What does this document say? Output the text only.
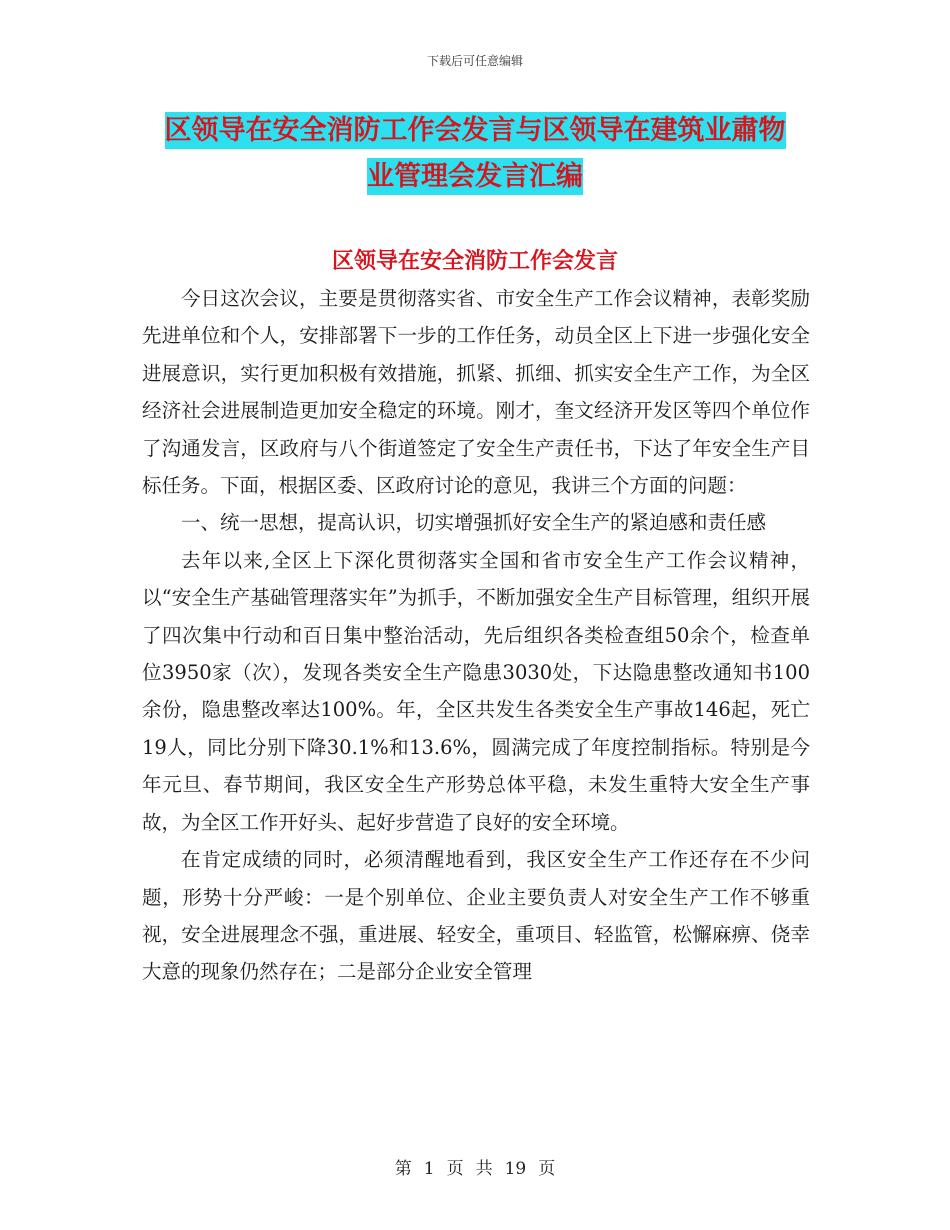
下载后可任意编辑
区领导在安全消防工作会发言与区领导在建筑业肅物
业管理会发言汇编
区领导在安全消防工作会发言

今日这次会议，主要是贯彻落实省、市安全生产工作会议精神，表彰奖励先进单位和个人，安排部署下一步的工作任务，动员全区上下进一步强化安全进展意识，实行更加积极有效措施，抓紧、抓细、抓实安全生产工作，为全区经济社会进展制造更加安全稳定的环境。刚才，奎文经济开发区等四个单位作了沟通发言，区政府与八个街道签定了安全生产责任书，下达了年安全生产目标任务。下面，根据区委、区政府讨论的意见，我讲三个方面的问题：

一、统一思想，提高认识，切实增强抓好安全生产的紧迫感和责任感

去年以来,全区上下深化贯彻落实全国和省市安全生产工作会议精神，以“安全生产基础管理落实年”为抓手，不断加强安全生产目标管理，组织开展了四次集中行动和百日集中整治活动，先后组织各类检查组50余个，检查单位3950家（次），发现各类安全生产隐患3030处，下达隐患整改通知书100余份，隐患整改率达100%。年，全区共发生各类安全生产事故146起，死亡19人，同比分别下降30.1%和13.6%，圆满完成了年度控制指标。特别是今年元旦、春节期间，我区安全生产形势总体平稳，未发生重特大安全生产事故，为全区工作开好头、起好步营造了良好的安全环境。

在肯定成绩的同时，必须清醒地看到，我区安全生产工作还存在不少问题，形势十分严峻：一是个别单位、企业主要负责人对安全生产工作不够重视，安全进展理念不强，重进展、轻安全，重项目、轻监管，松懈麻痹、侥幸大意的现象仍然存在；二是部分企业安全管理

第 1 页 共 19 页
